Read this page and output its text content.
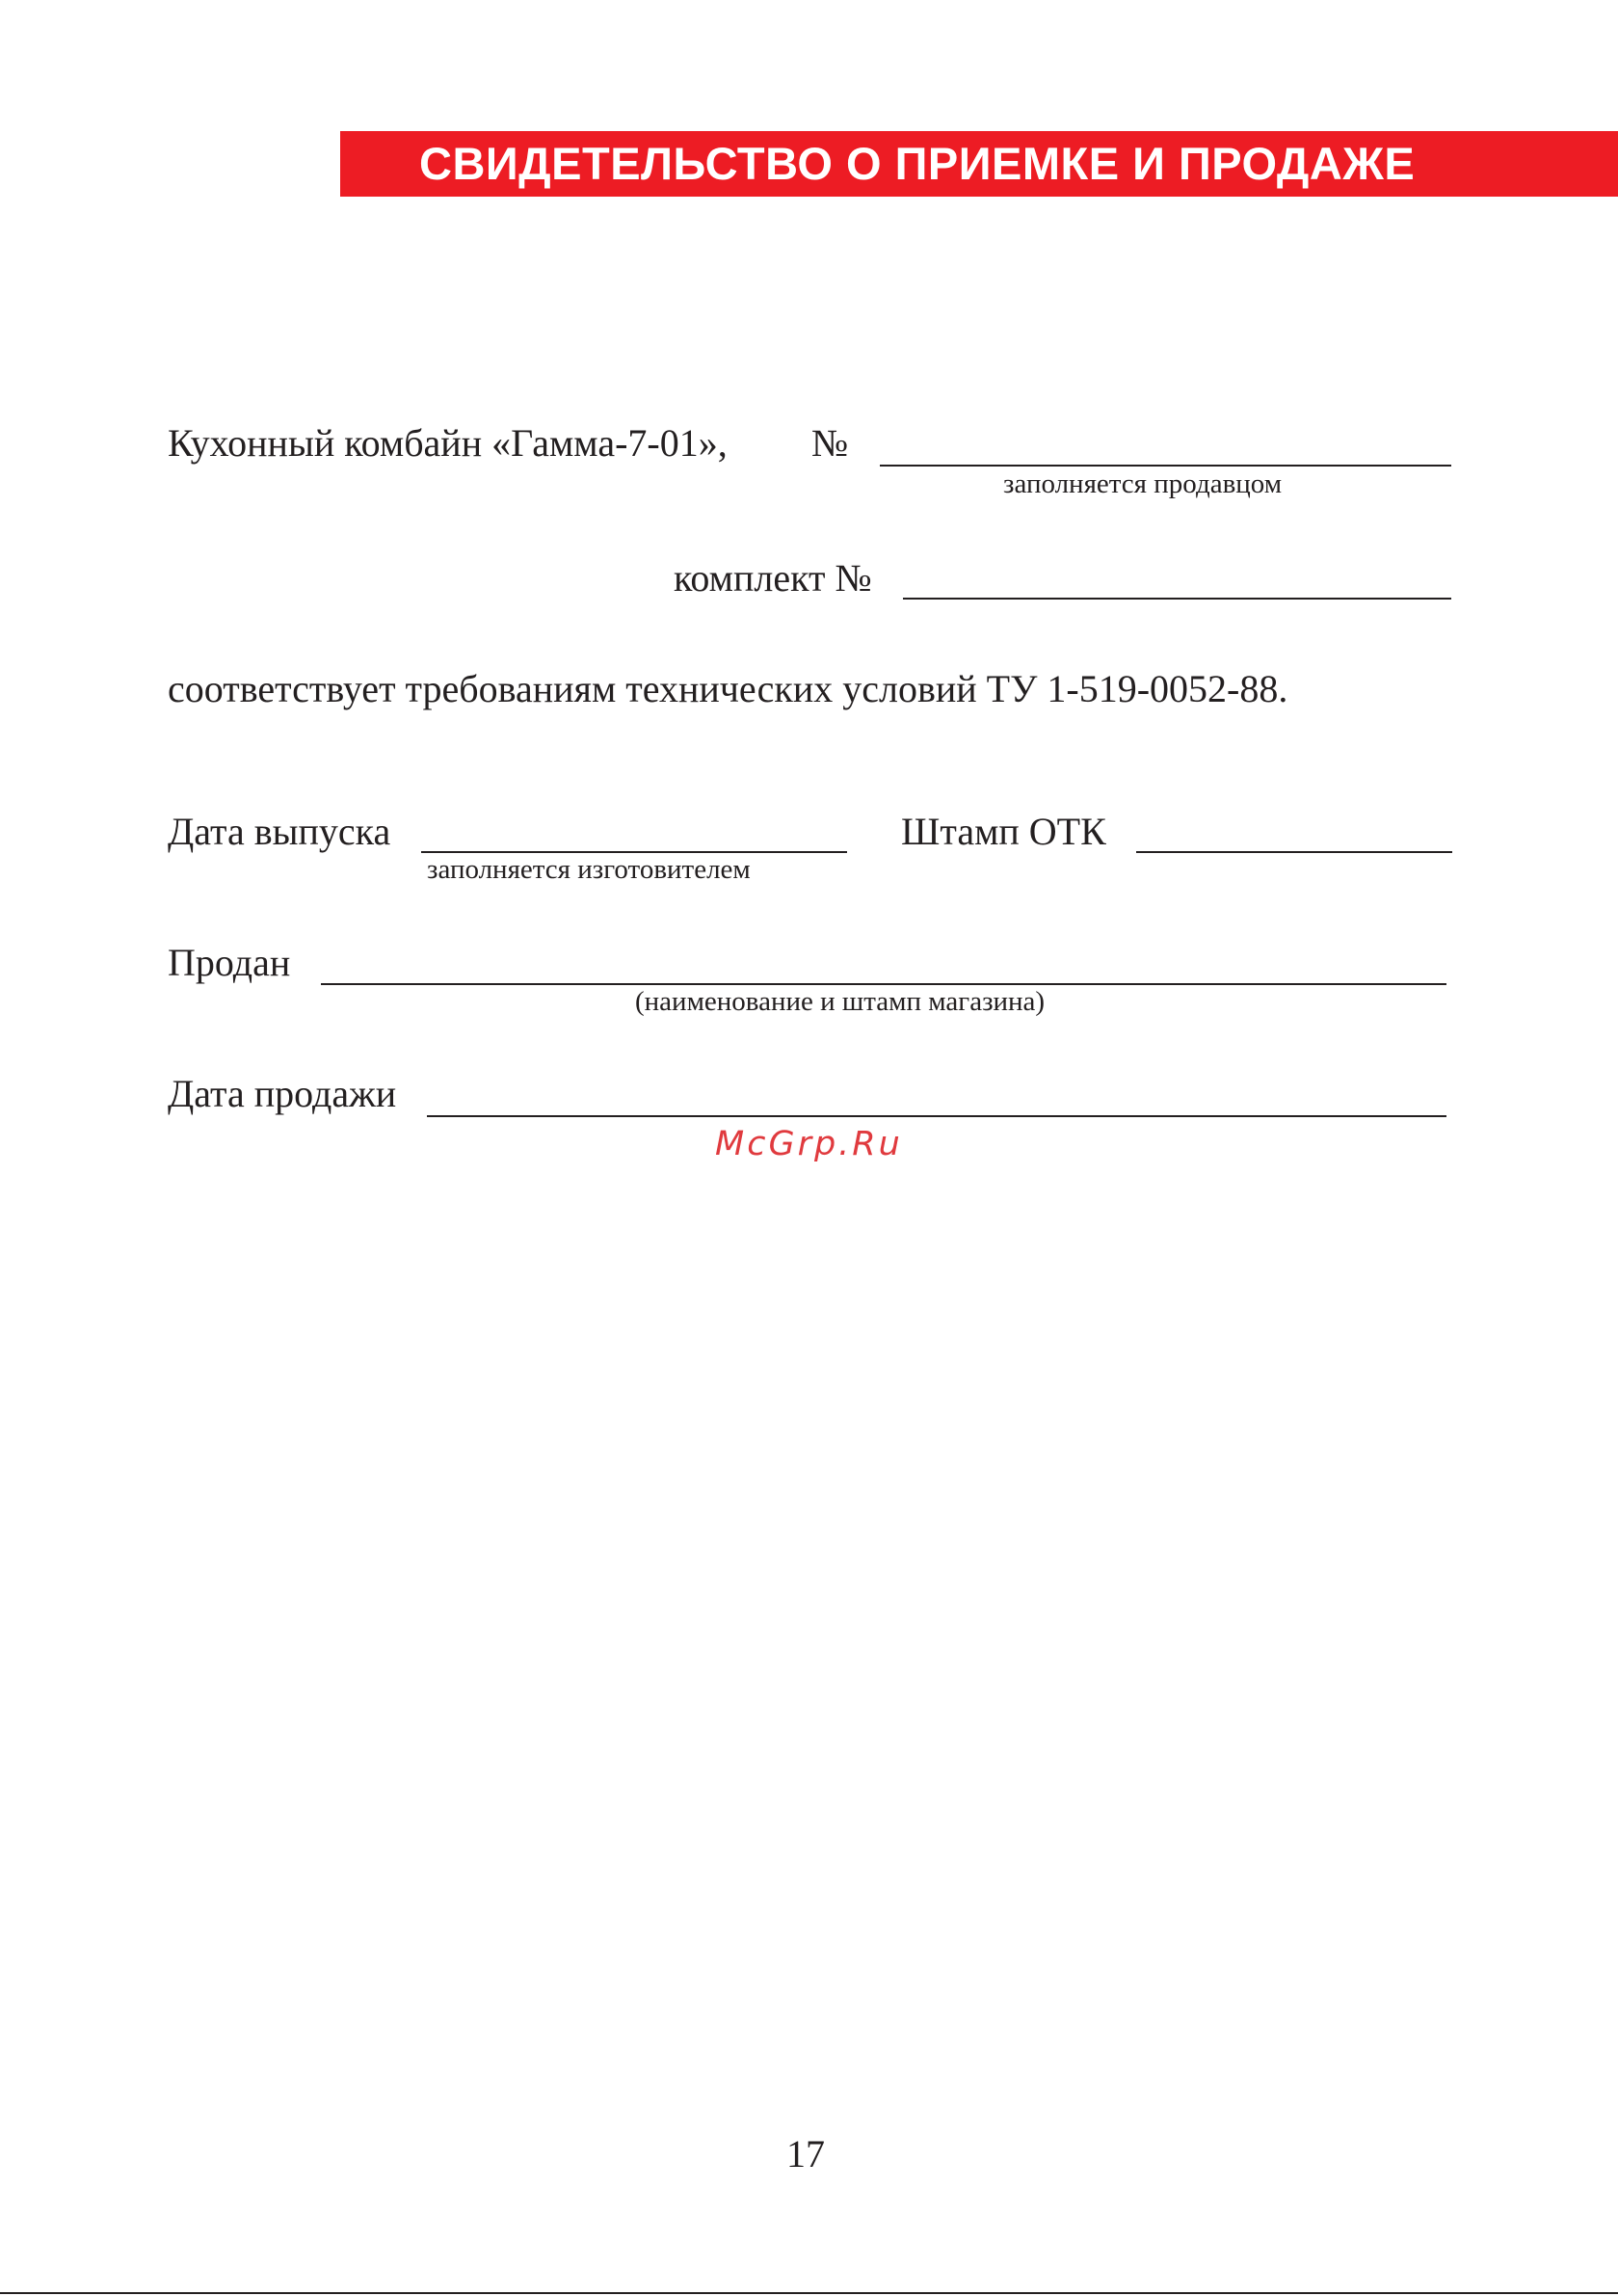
СВИДЕТЕЛЬСТВО О ПРИЕМКЕ И ПРОДАЖЕ
Кухонный комбайн «Гамма-7-01», №
заполняется продавцом
комплект №
соответствует требованиям технических условий ТУ 1-519-0052-88.
Дата выпуска
заполняется изготовителем
Штамп ОТК
Продан
(наименование и штамп магазина)
Дата продажи
McGrp.Ru
17
